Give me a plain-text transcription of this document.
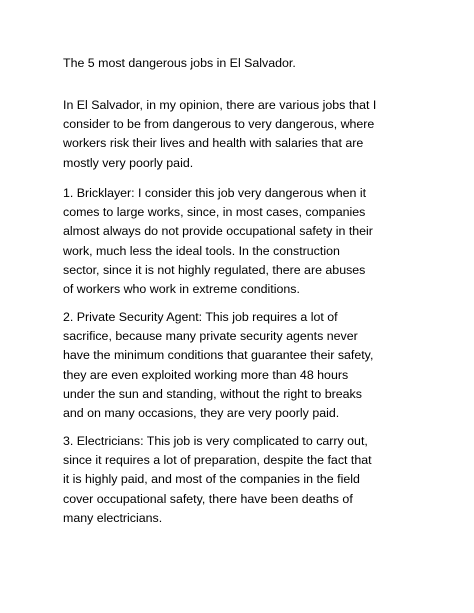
The 5 most dangerous jobs in El Salvador.

In El Salvador, in my opinion, there are various jobs that I
consider to be from dangerous to very dangerous, where
workers risk their lives and health with salaries that are
mostly very poorly paid.

1. Bricklayer: I consider this job very dangerous when it
comes to large works, since, in most cases, companies
almost always do not provide occupational safety in their
work, much less the ideal tools. In the construction
sector, since it is not highly regulated, there are abuses
of workers who work in extreme conditions.

2. Private Security Agent: This job requires a lot of
sacrifice, because many private security agents never
have the minimum conditions that guarantee their safety,
they are even exploited working more than 48 hours
under the sun and standing, without the right to breaks
and on many occasions, they are very poorly paid.

3. Electricians: This job is very complicated to carry out,
since it requires a lot of preparation, despite the fact that
it is highly paid, and most of the companies in the field
cover occupational safety, there have been deaths of
many electricians.
